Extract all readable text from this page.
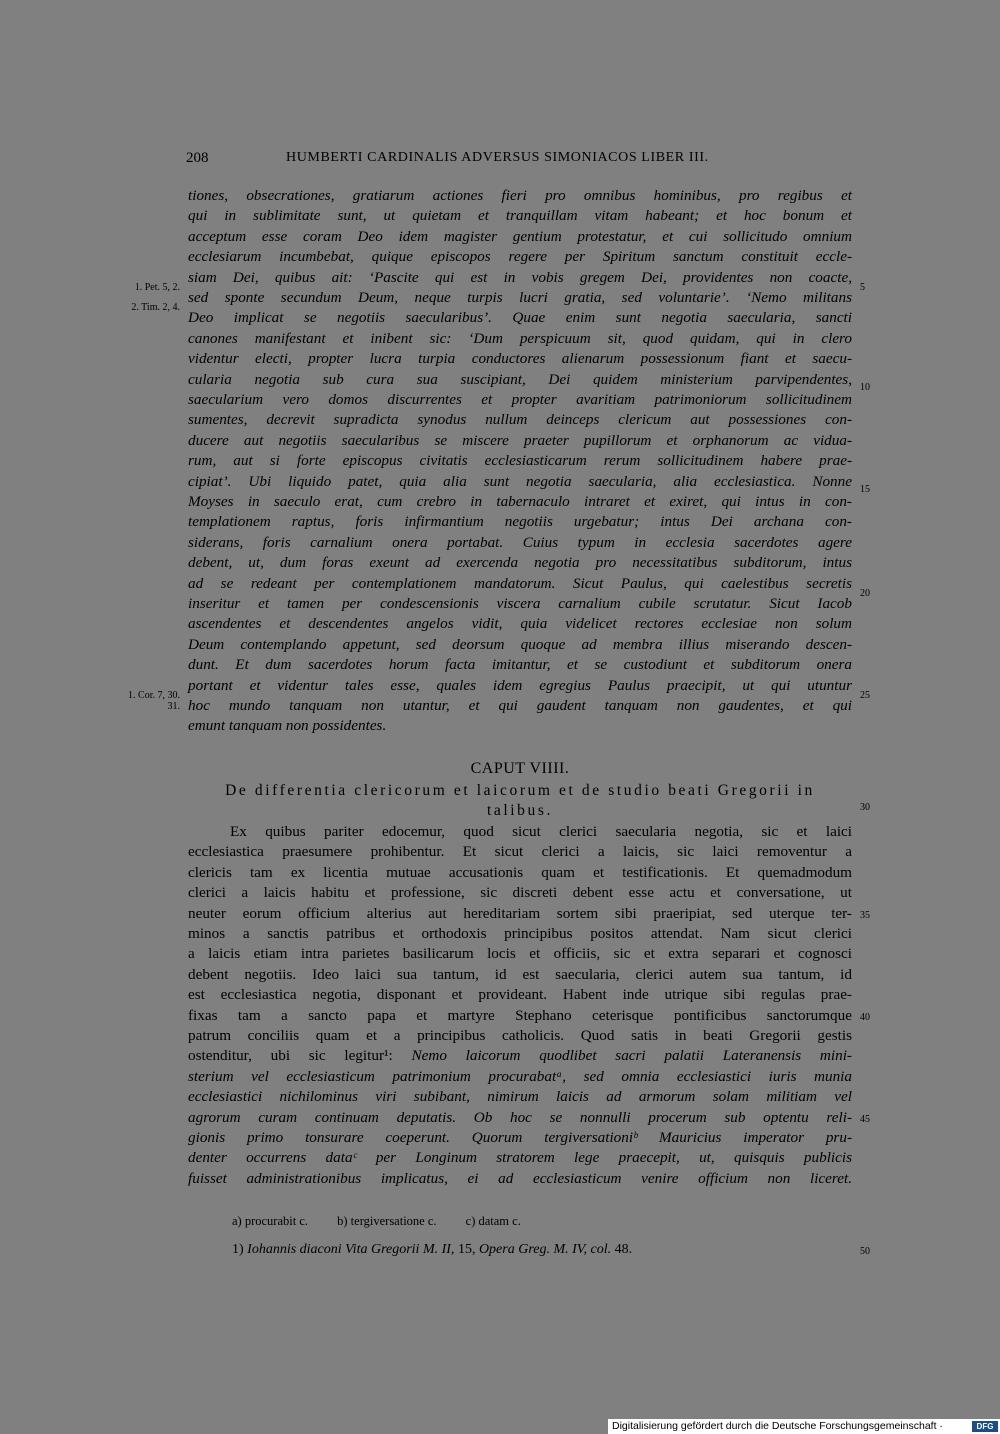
208	HUMBERTI CARDINALIS ADVERSUS SIMONIACOS LIBER III.
tiones, obsecrationes, gratiarum actiones fieri pro omnibus hominibus, pro regibus et
qui in sublimitate sunt, ut quietam et tranquillam vitam habeant; et hoc bonum et
acceptum esse coram Deo idem magister gentium protestatur, et cui sollicitudo omnium
ecclesiarum incumbebat, quique episcopos regere per Spiritum sanctum constituit eccle-
siam Dei, quibus ait: ‘Pascite qui est in vobis gregem Dei, providentes non coacte,
sed sponte secundum Deum, neque turpis lucri gratia, sed voluntarie’. ‘Nemo militans
Deo implicat se negotiis saecularibus’. Quae enim sunt negotia saecularia, sancti
canones manifestant et inibent sic: ‘Dum perspicuum sit, quod quidam, qui in clero
videntur electi, propter lucra turpia conductores alienarum possessionum fiant et saecu-
cularia negotia sub cura sua suscipiant, Dei quidem ministerium parvipendentes,
saecularium vero domos discurrentes et propter avaritiam patrimoniorum sollicitudinem
sumentes, decrevit supradicta synodus nullum deinceps clericum aut possessiones con-
ducere aut negotiis saecularibus se miscere praeter pupillorum et orphanorum ac vidua-
rum, aut si forte episcopus civitatis ecclesiasticarum rerum sollicitudinem habere prae-
cipiat’. Ubi liquido patet, quia alia sunt negotia saecularia, alia ecclesiastica. Nonne
Moyses in saeculo erat, cum crebro in tabernaculo intraret et exiret, qui intus in con-
templationem raptus, foris infirmantium negotiis urgebatur; intus Dei archana con-
siderans, foris carnalium onera portabat. Cuius typum in ecclesia sacerdotes agere
debent, ut, dum foras exeunt ad exercenda negotia pro necessitatibus subditorum, intus
ad se redeant per contemplationem mandatorum. Sicut Paulus, qui caelestibus secretis
inseritur et tamen per condescensionis viscera carnalium cubile scrutatur. Sicut Iacob
ascendentes et descendentes angelos vidit, quia videlicet rectores ecclesiae non solum
Deum contemplando appetunt, sed deorsum quoque ad membra illius miserando descen-
dunt. Et dum sacerdotes horum facta imitantur, et se custodiunt et subditorum onera
portant et videntur tales esse, quales idem egregius Paulus praecipit, ut qui utuntur
hoc mundo tanquam non utantur, et qui gaudent tanquam non gaudentes, et qui
emunt tanquam non possidentes.
1. Pet. 5, 2.
2. Tim. 2, 4.
1. Cor. 7, 30. 31.
5
10
15
20
25
30
35
40
45
50
CAPUT VIIII.
De differentia clericorum et laicorum et de studio beati Gregorii in
talibus.
Ex quibus pariter edocemur, quod sicut clerici saecularia negotia, sic et laici
ecclesiastica praesumere prohibentur. Et sicut clerici a laicis, sic laici removentur a
clericis tam ex licentia mutuae accusationis quam et testificationis. Et quemadmodum
clerici a laicis habitu et professione, sic discreti debent esse actu et conversatione, ut
neuter eorum officium alterius aut hereditariam sortem sibi praeripiat, sed uterque ter-
minos a sanctis patribus et orthodoxis principibus positos attendat. Nam sicut clerici
a laicis etiam intra parietes basilicarum locis et officiis, sic et extra separari et cognosci
debent negotiis. Ideo laici sua tantum, id est saecularia, clerici autem sua tantum, id
est ecclesiastica negotia, disponant et provideant. Habent inde utrique sibi regulas prae-
fixas tam a sancto papa et martyre Stephano ceterisque pontificibus sanctorumque
patrum conciliis quam et a principibus catholicis. Quod satis in beati Gregorii gestis
ostenditur, ubi sic legitur¹: Nemo laicorum quodlibet sacri palatii Lateranensis mini-
sterium vel ecclesiasticum patrimonium procurabatᵃ, sed omnia ecclesiastici iuris munia
ecclesiastici nichilominus viri subibant, nimirum laicis ad armorum solam militiam vel
agrorum curam continuam deputatis. Ob hoc se nonnulli procerum sub optentu reli-
gionis primo tonsurare coeperunt. Quorum tergiversationiᵇ Mauricius imperator pru-
denter occurrens dataᶜ per Longinum stratorem lege praecepit, ut, quisquis publicis
fuisset administrationibus implicatus, ei ad ecclesiasticum venire officium non liceret.
a) procurabit c. b) tergiversatione c. c) datam c.
1) Iohannis diaconi Vita Gregorii M. II, 15, Opera Greg. M. IV, col. 48.
Digitalisierung gefördert durch die Deutsche Forschungsgemeinschaft ·	DFG
